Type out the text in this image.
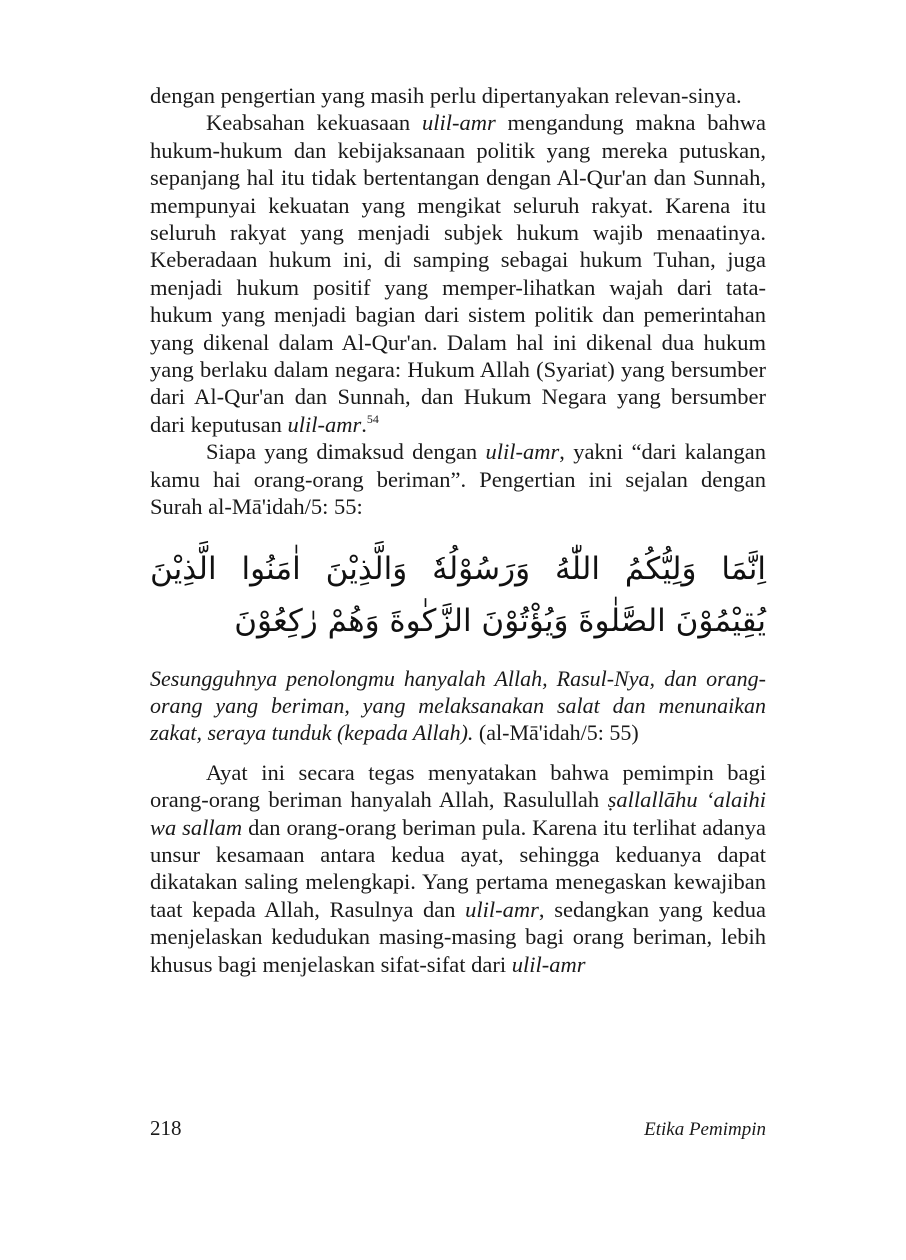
dengan pengertian yang masih perlu dipertanyakan relevan-sinya.

Keabsahan kekuasaan ulil-amr mengandung makna bahwa hukum-hukum dan kebijaksanaan politik yang mereka putuskan, sepanjang hal itu tidak bertentangan dengan Al-Qur'an dan Sunnah, mempunyai kekuatan yang mengikat seluruh rakyat. Karena itu seluruh rakyat yang menjadi subjek hukum wajib menaatinya. Keberadaan hukum ini, di samping sebagai hukum Tuhan, juga menjadi hukum positif yang memper-lihatkan wajah dari tata-hukum yang menjadi bagian dari sistem politik dan pemerintahan yang dikenal dalam Al-Qur'an. Dalam hal ini dikenal dua hukum yang berlaku dalam negara: Hukum Allah (Syariat) yang bersumber dari Al-Qur'an dan Sunnah, dan Hukum Negara yang bersumber dari keputusan ulil-amr.$^{54}$

Siapa yang dimaksud dengan ulil-amr, yakni “dari kalangan kamu hai orang-orang beriman”. Pengertian ini sejalan dengan Surah al-Mā'idah/5: 55:

اِنَّمَا وَلِيُّكُمُ اللّٰهُ وَرَسُوْلُهٗ وَالَّذِيْنَ اٰمَنُوا الَّذِيْنَ يُقِيْمُوْنَ الصَّلٰوةَ وَيُؤْتُوْنَ الزَّكٰوةَ وَهُمْ رٰكِعُوْنَ

Sesungguhnya penolongmu hanyalah Allah, Rasul-Nya, dan orang-orang yang beriman, yang melaksanakan salat dan menunaikan zakat, seraya tunduk (kepada Allah). (al-Mā'idah/5: 55)

Ayat ini secara tegas menyatakan bahwa pemimpin bagi orang-orang beriman hanyalah Allah, Rasulullah ṣallallāhu ‘alaihi wa sallam dan orang-orang beriman pula. Karena itu terlihat adanya unsur kesamaan antara kedua ayat, sehingga keduanya dapat dikatakan saling melengkapi. Yang pertama menegaskan kewajiban taat kepada Allah, Rasulnya dan ulil-amr, sedangkan yang kedua menjelaskan kedudukan masing-masing bagi orang beriman, lebih khusus bagi menjelaskan sifat-sifat dari ulil-amr

218	Etika Pemimpin
